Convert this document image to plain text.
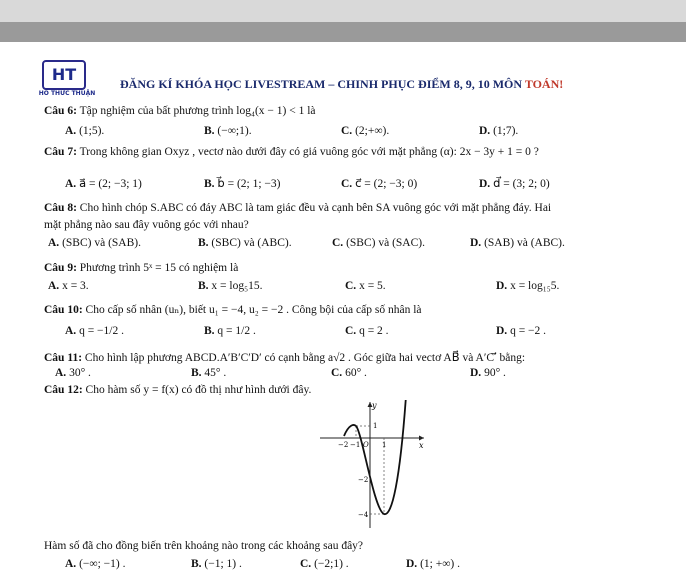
HT
HỒ THỨC THUẬN
ĐĂNG KÍ KHÓA HỌC LIVESTREAM – CHINH PHỤC ĐIỂM 8, 9, 10 MÔN TOÁN!
Câu 6: Tập nghiệm của bất phương trình log₄(x − 1) < 1 là
A. (1;5).	B. (−∞;1).	C. (2;+∞).	D. (1;7).
Câu 7: Trong không gian Oxyz , vectơ nào dưới đây có giá vuông góc với mặt phẳng (α): 2x − 3y + 1 = 0 ?
A. a⃗ = (2; −3; 1)	B. b⃗ = (2; 1; −3)	C. c⃗ = (2; −3; 0)	D. d⃗ = (3; 2; 0)
Câu 8: Cho hình chóp S.ABC có đáy ABC là tam giác đều và cạnh bên SA vuông góc với mặt phẳng đáy. Hai
mặt phẳng nào sau đây vuông góc với nhau?
A. (SBC) và (SAB).	B. (SBC) và (ABC).	C. (SBC) và (SAC).	D. (SAB) và (ABC).
Câu 9: Phương trình 5ˣ = 15 có nghiệm là
A. x = 3.	B. x = log₅15.	C. x = 5.	D. x = log₁₅5.
Câu 10: Cho cấp số nhân (uₙ), biết u₁ = −4, u₂ = −2 . Công bội của cấp số nhân là
A. q = −1/2 .	B. q = 1/2 .	C. q = 2 .	D. q = −2 .
Câu 11: Cho hình lập phương ABCD.A′B′C′D′ có cạnh bằng a√2 . Góc giữa hai vectơ AB⃗ và A′C′⃗ bằng:
A. 30° .	B. 45° .	C. 60° .	D. 90° .
Câu 12: Cho hàm số y = f(x) có đồ thị như hình dưới đây.
y
x
O
−2 −1	1
1
−2
−4
Hàm số đã cho đồng biến trên khoảng nào trong các khoảng sau đây?
A. (−∞; −1) .	B. (−1; 1) .	C. (−2;1) .	D. (1; +∞) .
